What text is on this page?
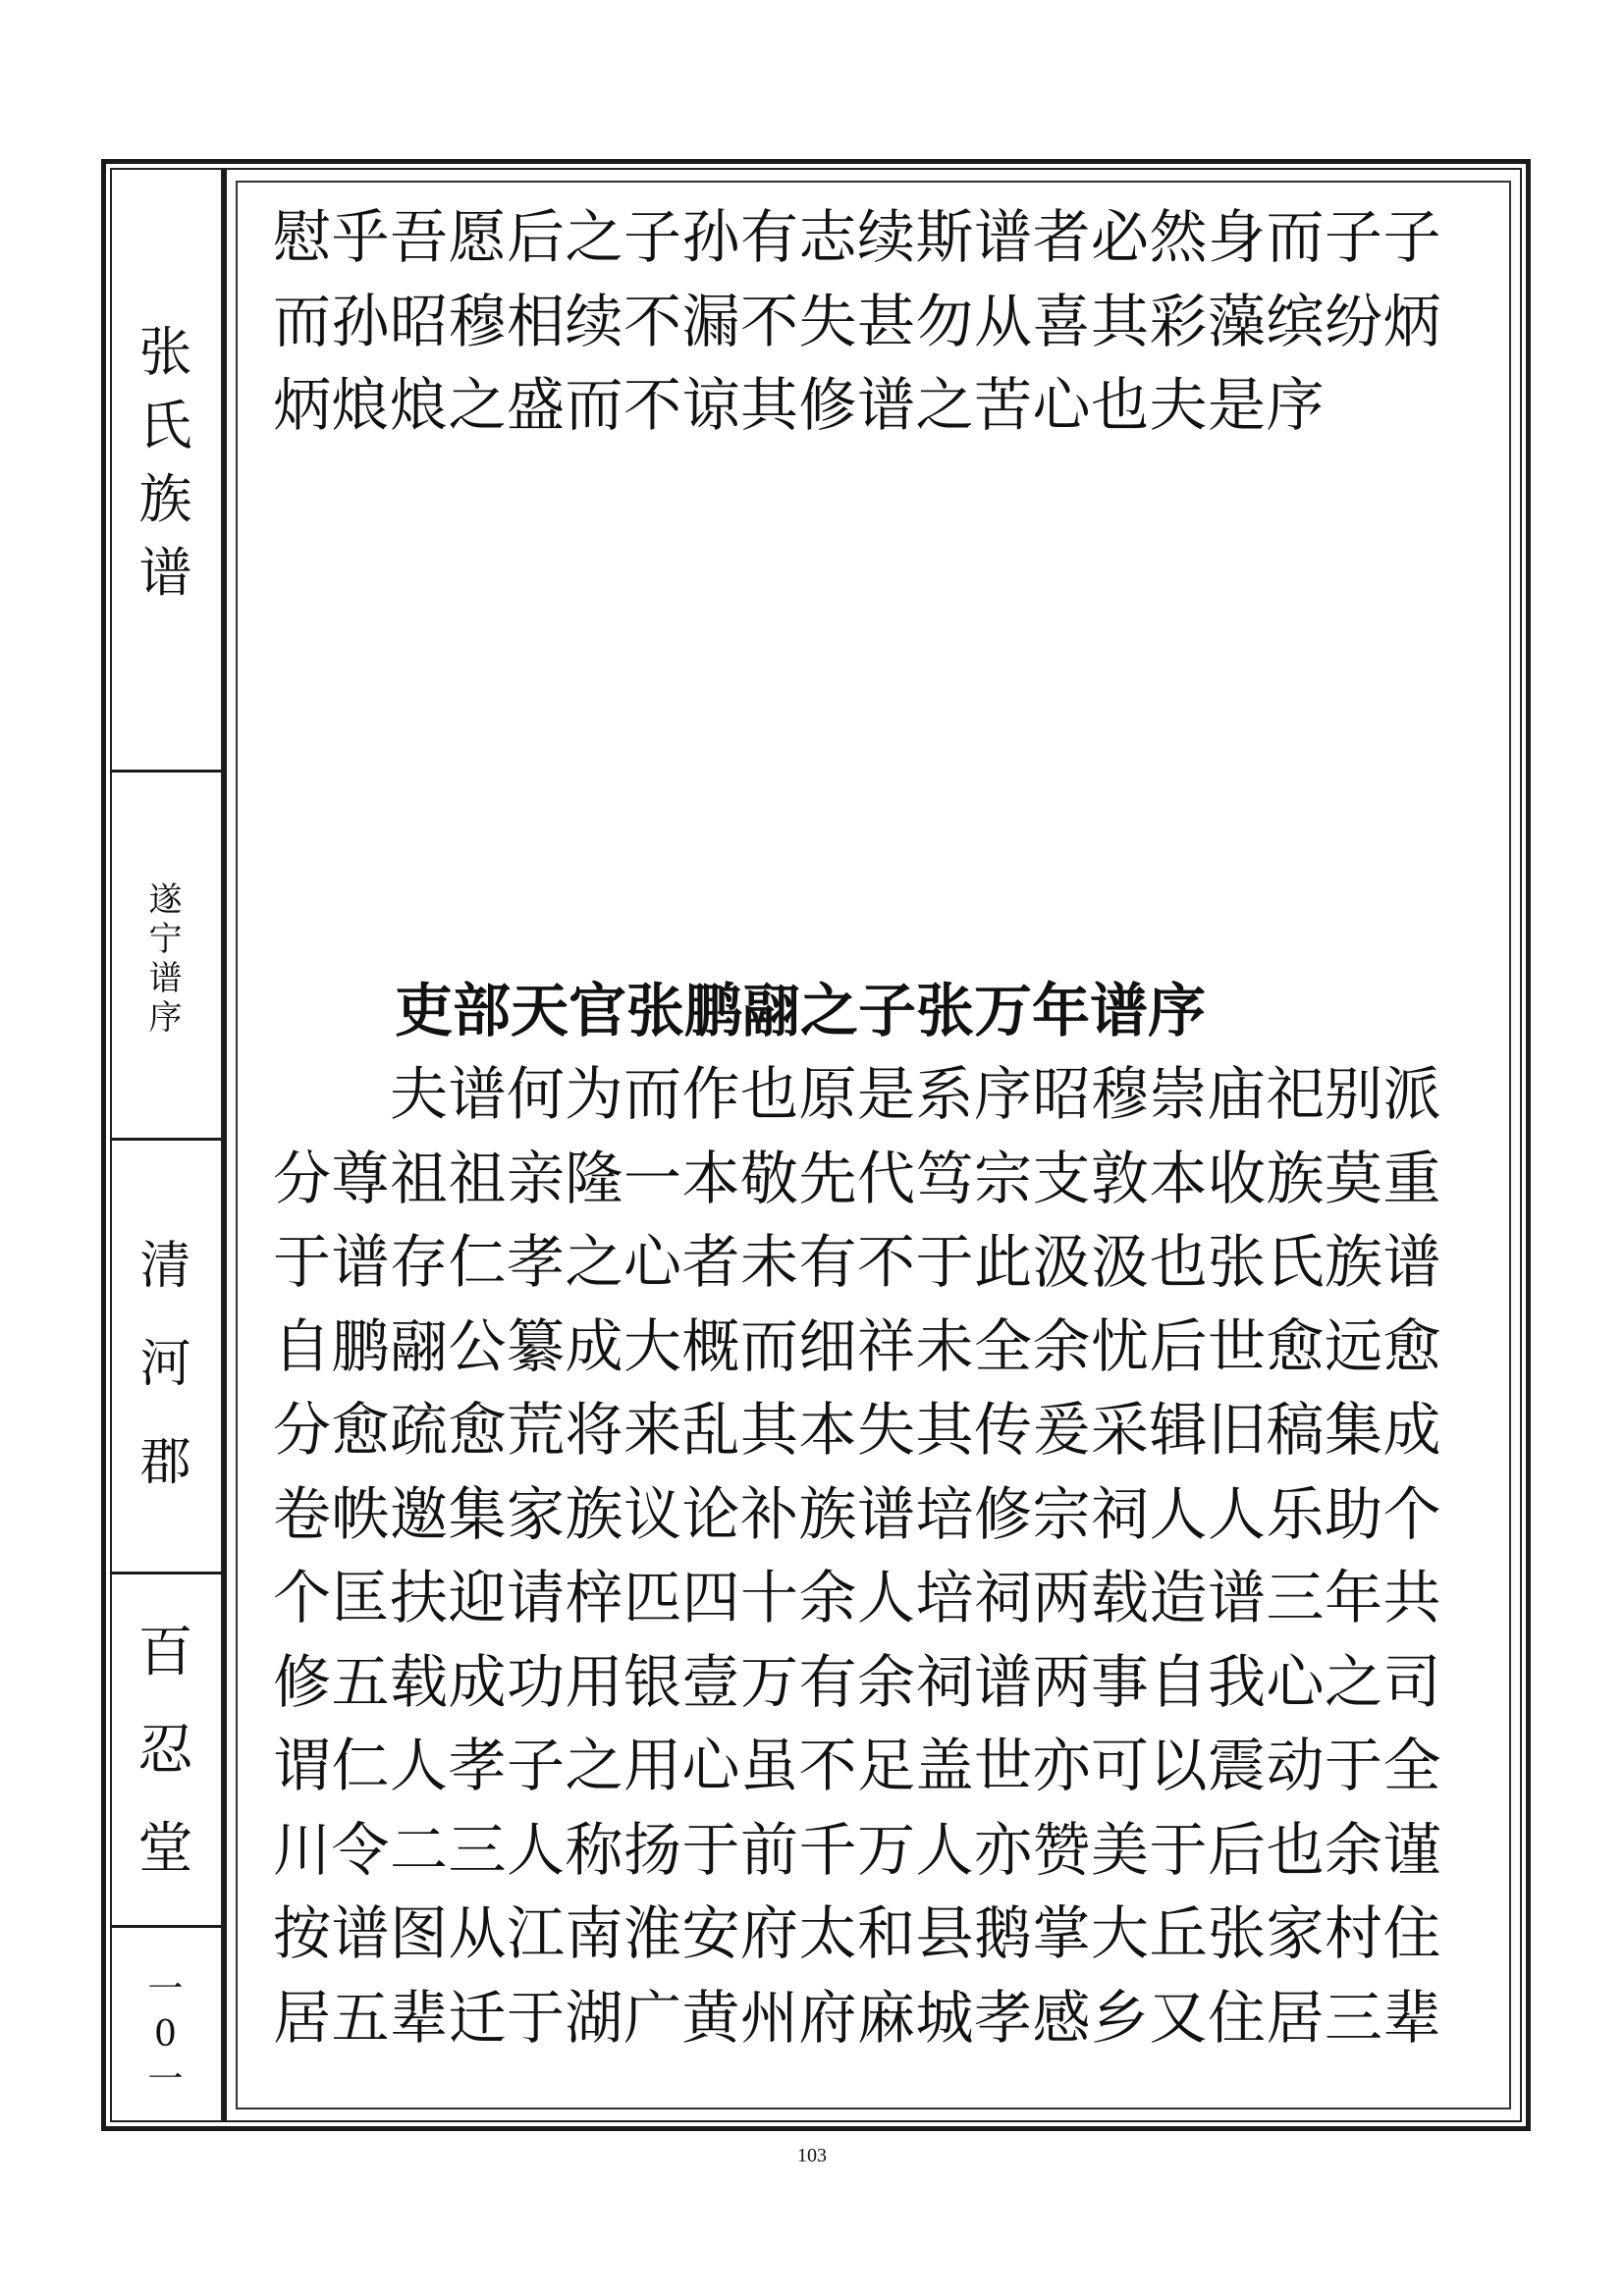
张
氏
族
谱
遂
宁
谱
序
清
河
郡
百
忍
堂
一
0
一
慰乎吾愿后之子孙有志续斯谱者必然身而子子
而孙昭穆相续不漏不失甚勿从喜其彩藻缤纷炳
炳烺烺之盛而不谅其修谱之苦心也夫是序
吏部天官张鹏翮之子张万年谱序
　　夫谱何为而作也原是系序昭穆崇庙祀别派
分尊祖祖亲隆一本敬先代笃宗支敦本收族莫重
于谱存仁孝之心者未有不于此汲汲也张氏族谱
自鹏翮公纂成大概而细祥未全余忧后世愈远愈
分愈疏愈荒将来乱其本失其传爰采辑旧稿集成
卷帙邀集家族议论补族谱培修宗祠人人乐助个
个匡扶迎请梓匹四十余人培祠两载造谱三年共
修五载成功用银壹万有余祠谱两事自我心之司
谓仁人孝子之用心虽不足盖世亦可以震动于全
川令二三人称扬于前千万人亦赞美于后也余谨
按谱图从江南淮安府太和县鹅掌大丘张家村住
居五辈迁于湖广黄州府麻城孝感乡又住居三辈
103
